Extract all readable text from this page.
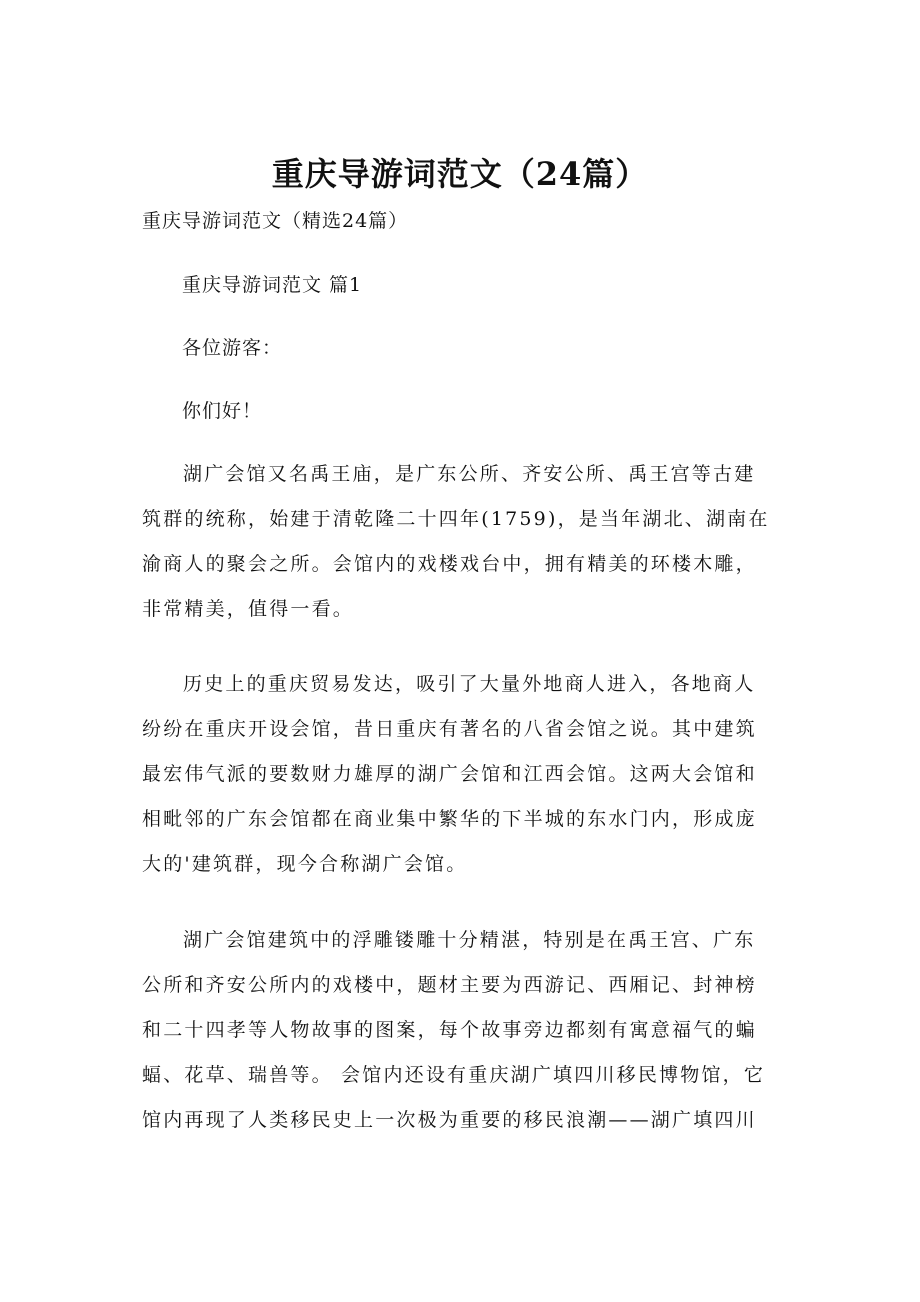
重庆导游词范文（24篇）
重庆导游词范文（精选24篇）
重庆导游词范文 篇1
各位游客：
你们好！
湖广会馆又名禹王庙，是广东公所、齐安公所、禹王宫等古建
筑群的统称，始建于清乾隆二十四年(1759)，是当年湖北、湖南在
渝商人的聚会之所。会馆内的戏楼戏台中，拥有精美的环楼木雕，
非常精美，值得一看。
历史上的重庆贸易发达，吸引了大量外地商人进入，各地商人
纷纷在重庆开设会馆，昔日重庆有著名的八省会馆之说。其中建筑
最宏伟气派的要数财力雄厚的湖广会馆和江西会馆。这两大会馆和
相毗邻的广东会馆都在商业集中繁华的下半城的东水门内，形成庞
大的'建筑群，现今合称湖广会馆。
湖广会馆建筑中的浮雕镂雕十分精湛，特别是在禹王宫、广东
公所和齐安公所内的戏楼中，题材主要为西游记、西厢记、封神榜
和二十四孝等人物故事的图案，每个故事旁边都刻有寓意福气的蝙
蝠、花草、瑞兽等。 会馆内还设有重庆湖广填四川移民博物馆，它
馆内再现了人类移民史上一次极为重要的移民浪潮——湖广填四川
